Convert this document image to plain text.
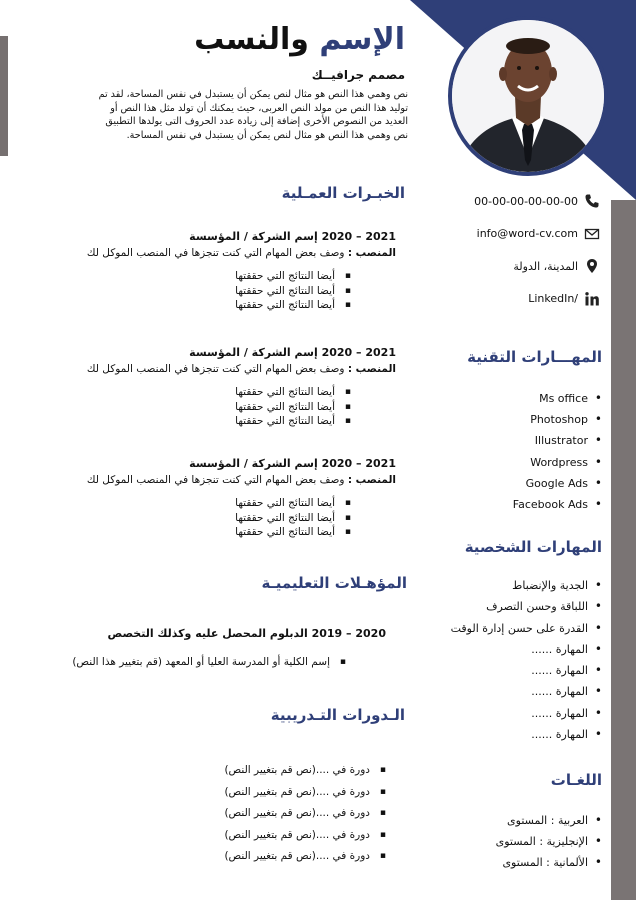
الإسم والنسب
مصمم جرافيــك
نص وهمي هذا النص هو مثال لنص يمكن أن يستبدل في نفس المساحة، لقد تم توليد هذا النص من مولد النص العربى، حيث يمكنك أن تولد مثل هذا النص أو العديد من النصوص الأخرى إضافة إلى زيادة عدد الحروف التى يولدها التطبيق نص وهمي هذا النص هو مثال لنص يمكن أن يستبدل في نفس المساحة.
الخبـرات العمـلية
2021 – 2020 إسم الشركة / المؤسسة
المنصب : وصف بعض المهام التي كنت تنجزها في المنصب الموكل لك
▪ أيضا النتائج التي حققتها
▪ أيضا النتائج التي حققتها
▪ أيضا النتائج التي حققتها
2021 – 2020 إسم الشركة / المؤسسة
المنصب : وصف بعض المهام التي كنت تنجزها في المنصب الموكل لك
▪ أيضا النتائج التي حققتها
▪ أيضا النتائج التي حققتها
▪ أيضا النتائج التي حققتها
2021 – 2020 إسم الشركة / المؤسسة
المنصب : وصف بعض المهام التي كنت تنجزها في المنصب الموكل لك
▪ أيضا النتائج التي حققتها
▪ أيضا النتائج التي حققتها
▪ أيضا النتائج التي حققتها
المؤهـلات التعليميـة
2020 – 2019 الدبلوم المحصل عليه وكذلك التخصص
▪ إسم الكلية أو المدرسة العليا أو المعهد (قم بتغيير هذا النص)
الـدورات التـدريبية
▪ دورة في ....(نص قم بتغيير النص)
▪ دورة في ....(نص قم بتغيير النص)
▪ دورة في ....(نص قم بتغيير النص)
▪ دورة في ....(نص قم بتغيير النص)
▪ دورة في ....(نص قم بتغيير النص)
00-00-00-00-00-00
info@word-cv.com
المدينة، الدولة
LinkedIn/
المهـــارات التقنية
• Ms office
• Photoshop
• Illustrator
• Wordpress
• Google Ads
• Facebook Ads
المهارات الشخصية
• الجدية والإنضباط
• اللباقة وحسن التصرف
• القدرة على حسن إدارة الوقت
• المهارة ......
• المهارة ......
• المهارة ......
• المهارة ......
• المهارة ......
اللغـات
• العربية : المستوى
• الإنجليزية : المستوى
• الألمانية : المستوى
